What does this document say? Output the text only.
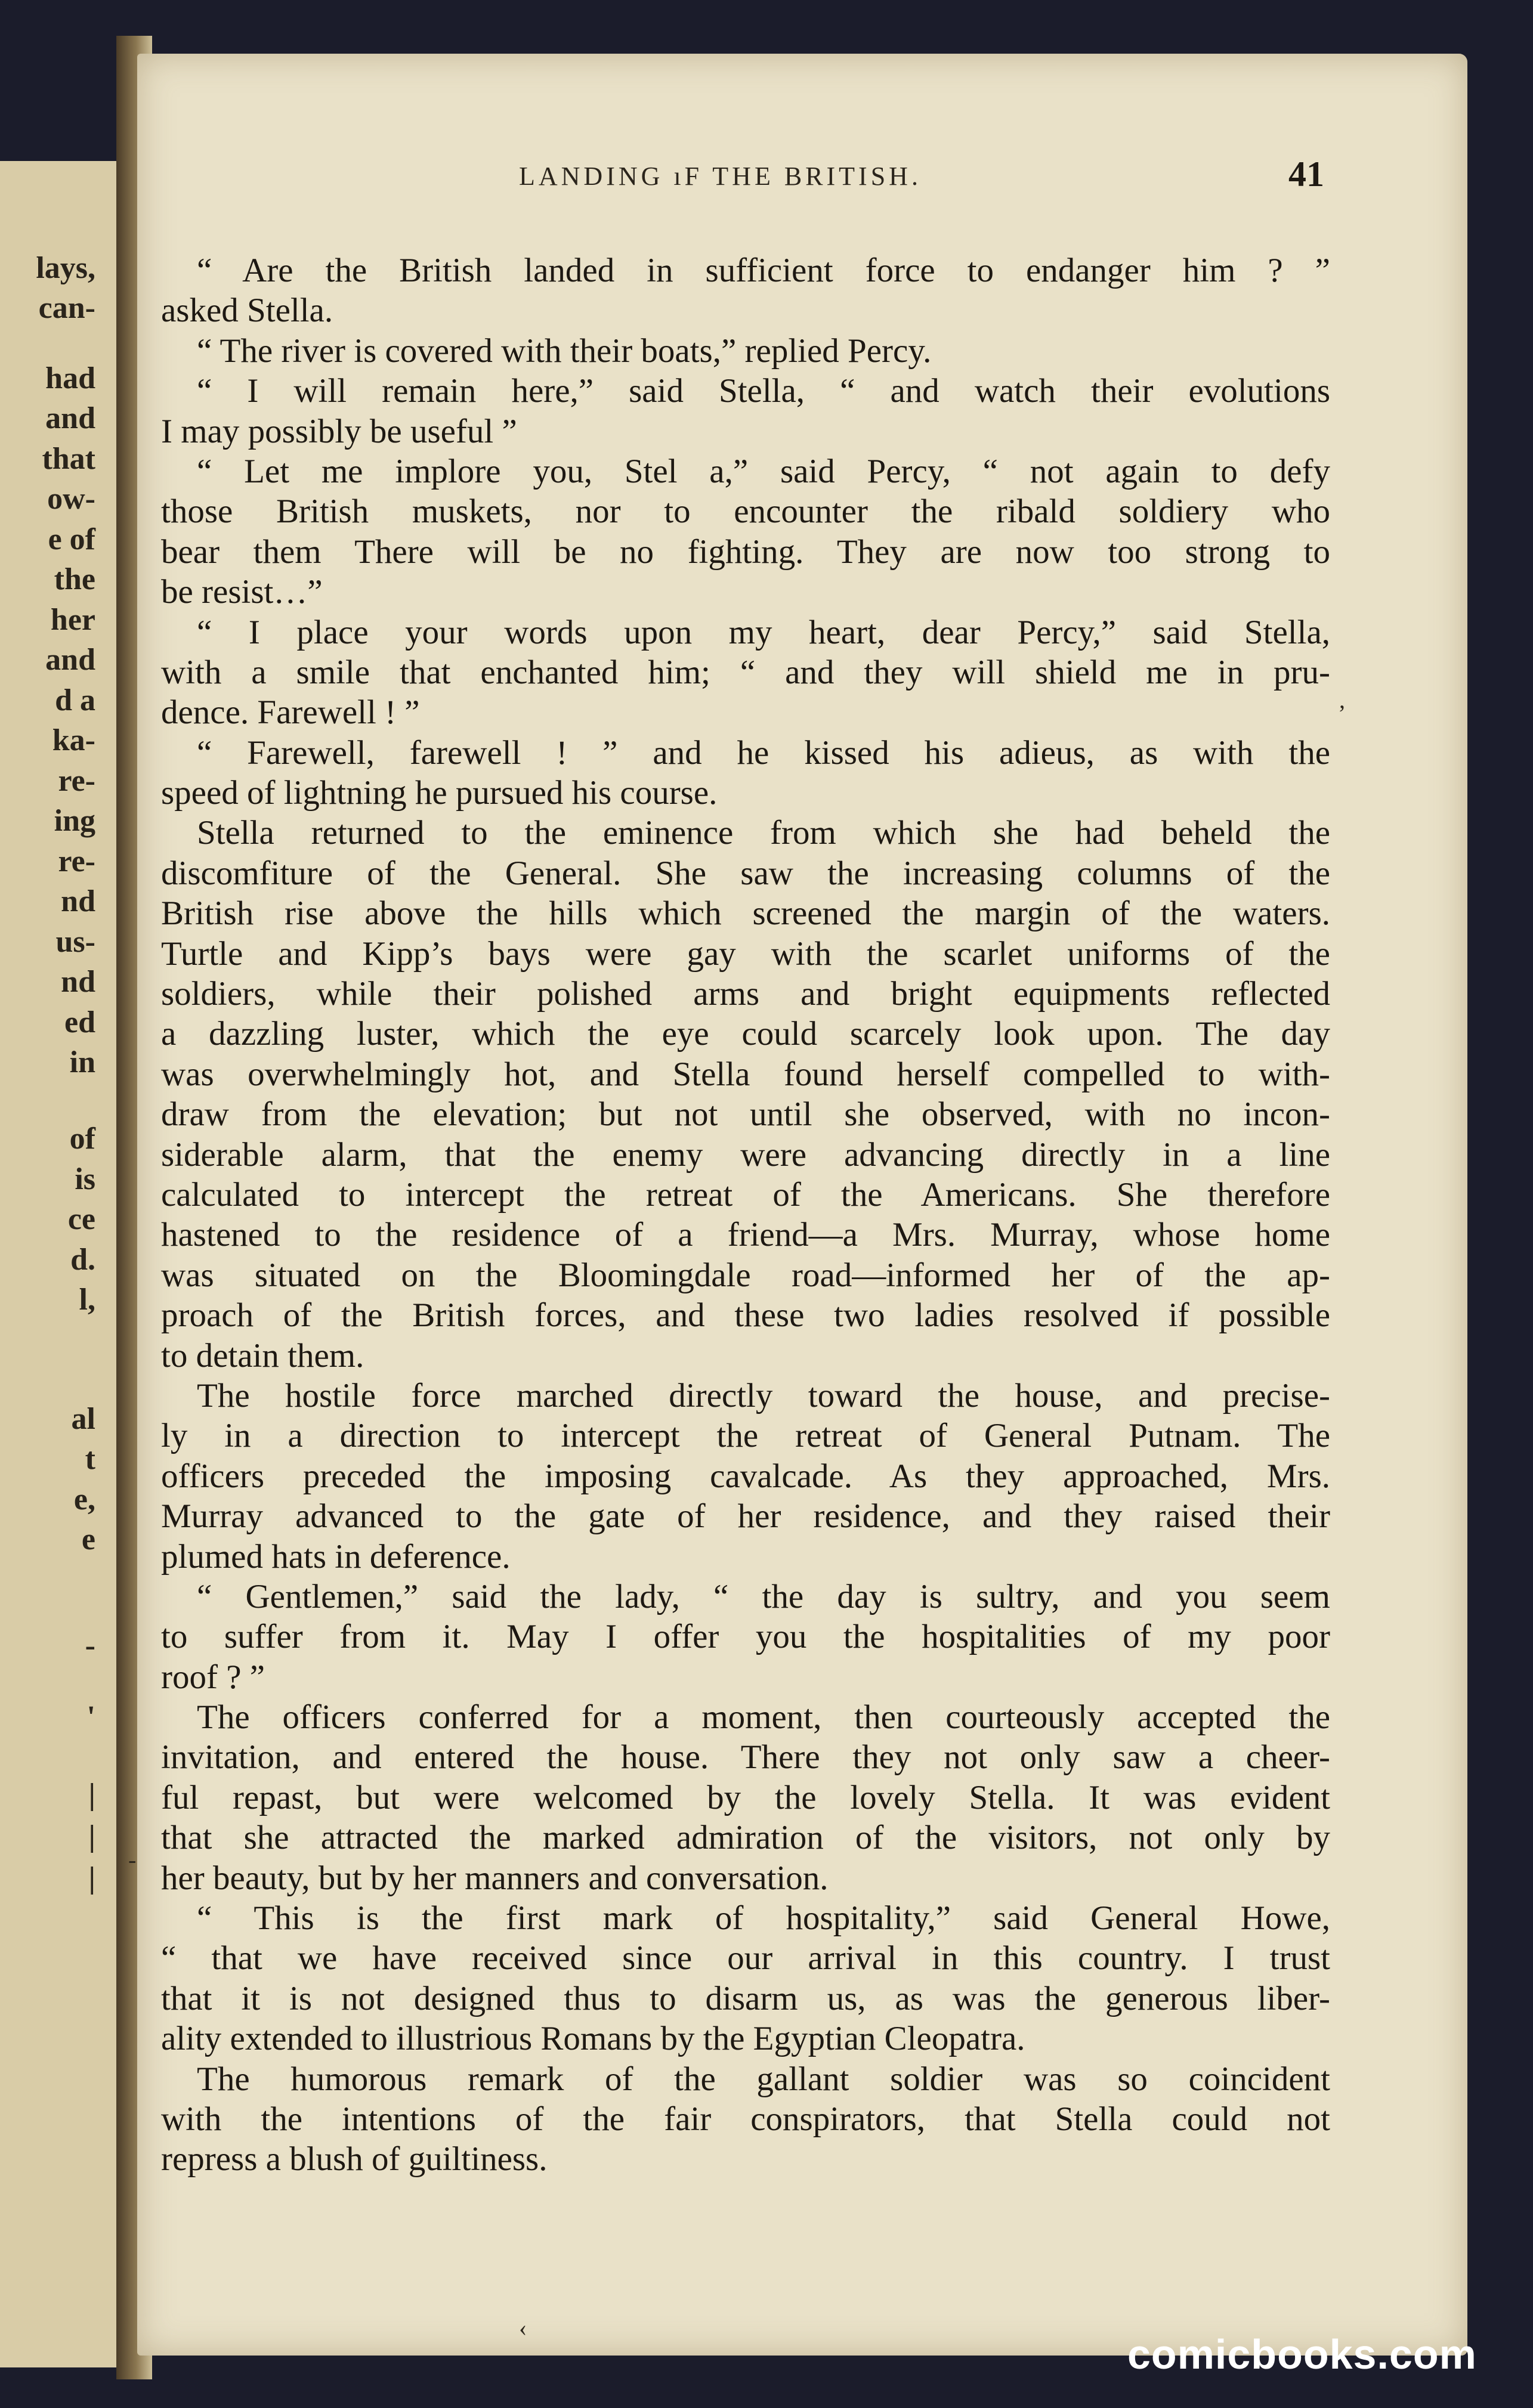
lays,
can-
had
and
that
ow-
e of
the
her
and
d a
ka-
re-
ing
re-
nd
us-
nd
ed
in
of
is
ce
d.
l,
al
t
e,
e
-
'
|
|
|
LANDING ıF THE BRITISH.	41
“ Are the British landed in sufficient force to endanger him ? ”
asked Stella.
“ The river is covered with their boats,” replied Percy.
“ I will remain here,” said Stella, “ and watch their evolutions
I may possibly be useful ”
“ Let me implore you, Stel a,” said Percy, “ not again to defy
those British muskets, nor to encounter the ribald soldiery who
bear them There will be no fighting. They are now too strong to
be resist…”
“ I place your words upon my heart, dear Percy,” said Stella,
with a smile that enchanted him; “ and they will shield me in pru-
dence. Farewell ! ”
“ Farewell, farewell ! ” and he kissed his adieus, as with the
speed of lightning he pursued his course.
Stella returned to the eminence from which she had beheld the
discomfiture of the General. She saw the increasing columns of the
British rise above the hills which screened the margin of the waters.
Turtle and Kipp’s bays were gay with the scarlet uniforms of the
soldiers, while their polished arms and bright equipments reflected
a dazzling luster, which the eye could scarcely look upon. The day
was overwhelmingly hot, and Stella found herself compelled to with-
draw from the elevation; but not until she observed, with no incon-
siderable alarm, that the enemy were advancing directly in a line
calculated to intercept the retreat of the Americans. She therefore
hastened to the residence of a friend—a Mrs. Murray, whose home
was situated on the Bloomingdale road—informed her of the ap-
proach of the British forces, and these two ladies resolved if possible
to detain them.
The hostile force marched directly toward the house, and precise-
ly in a direction to intercept the retreat of General Putnam. The
officers preceded the imposing cavalcade. As they approached, Mrs.
Murray advanced to the gate of her residence, and they raised their
plumed hats in deference.
“ Gentlemen,” said the lady, “ the day is sultry, and you seem
to suffer from it. May I offer you the hospitalities of my poor
roof ? ”
The officers conferred for a moment, then courteously accepted the
invitation, and entered the house. There they not only saw a cheer-
ful repast, but were welcomed by the lovely Stella. It was evident
that she attracted the marked admiration of the visitors, not only by
her beauty, but by her manners and conversation.
“ This is the first mark of hospitality,” said General Howe,
“ that we have received since our arrival in this country. I trust
that it is not designed thus to disarm us, as was the generous liber-
ality extended to illustrious Romans by the Egyptian Cleopatra.
The humorous remark of the gallant soldier was so coincident
with the intentions of the fair conspirators, that Stella could not
repress a blush of guiltiness.
,
-
‹
comicbooks.com
